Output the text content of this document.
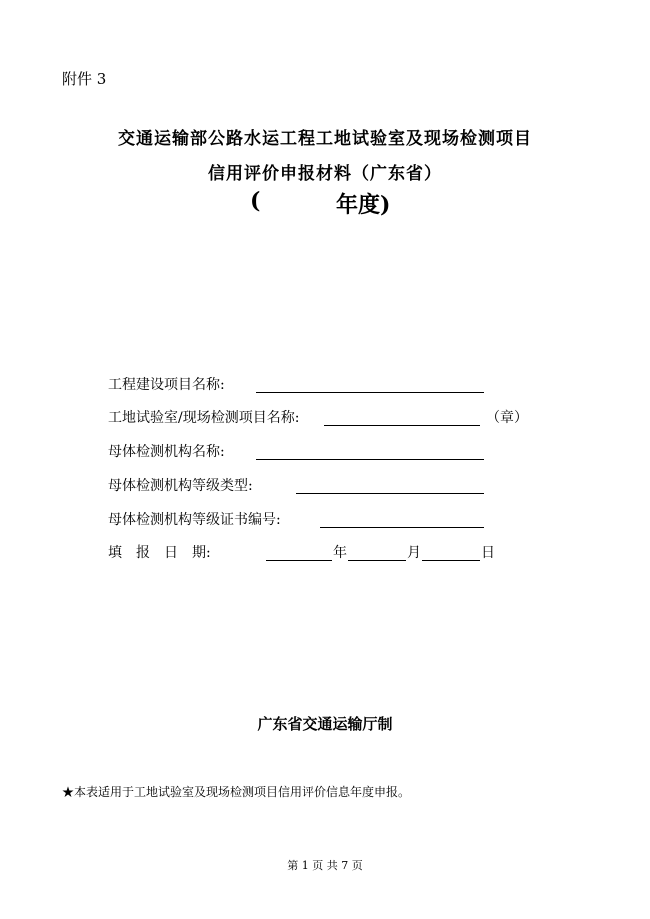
附件 3
交通运输部公路水运工程工地试验室及现场检测项目
信用评价申报材料（广东省）
(	年度)
工程建设项目名称:
工地试验室/现场检测项目名称:	（章）
母体检测机构名称:
母体检测机构等级类型:
母体检测机构等级证书编号:
填　报　日　期:	年	月	日
广东省交通运输厅制
★本表适用于工地试验室及现场检测项目信用评价信息年度申报。
第 1 页 共 7 页
